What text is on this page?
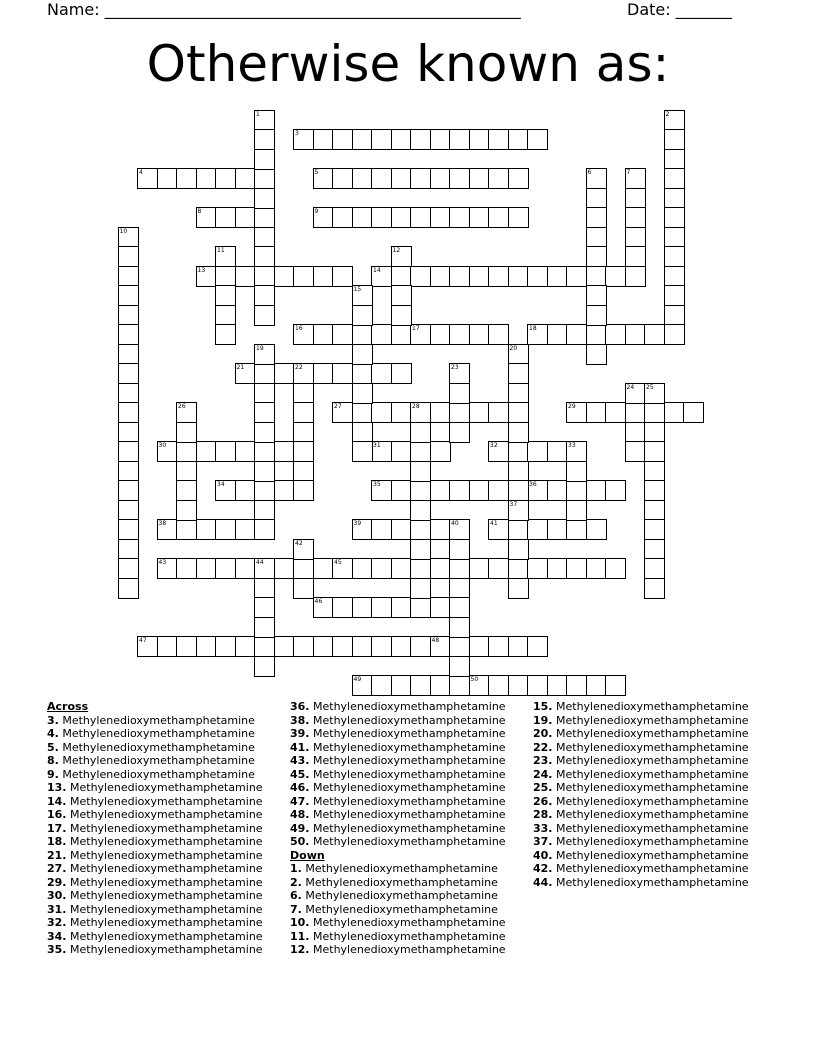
Name: ____________________________________________________	Date: _______
Otherwise known as:
3
4	5
8	9
13	14
16	17	18
21	22
27	28	29
30	31	32	33
34	35	36
38	39	41
43	44	45
46
47	48
49	50
1	2
6	7
10
11	12
15
19	20
37
23
24 25
26
40
42
Across
3. Methylenedioxymethamphetamine
4. Methylenedioxymethamphetamine
5. Methylenedioxymethamphetamine
8. Methylenedioxymethamphetamine
9. Methylenedioxymethamphetamine
13. Methylenedioxymethamphetamine
14. Methylenedioxymethamphetamine
16. Methylenedioxymethamphetamine
17. Methylenedioxymethamphetamine
18. Methylenedioxymethamphetamine
21. Methylenedioxymethamphetamine
27. Methylenedioxymethamphetamine
29. Methylenedioxymethamphetamine
30. Methylenedioxymethamphetamine
31. Methylenedioxymethamphetamine
32. Methylenedioxymethamphetamine
34. Methylenedioxymethamphetamine
35. Methylenedioxymethamphetamine
36. Methylenedioxymethamphetamine
38. Methylenedioxymethamphetamine
39. Methylenedioxymethamphetamine
41. Methylenedioxymethamphetamine
43. Methylenedioxymethamphetamine
45. Methylenedioxymethamphetamine
46. Methylenedioxymethamphetamine
47. Methylenedioxymethamphetamine
48. Methylenedioxymethamphetamine
49. Methylenedioxymethamphetamine
50. Methylenedioxymethamphetamine
Down
1. Methylenedioxymethamphetamine
2. Methylenedioxymethamphetamine
6. Methylenedioxymethamphetamine
7. Methylenedioxymethamphetamine
10. Methylenedioxymethamphetamine
11. Methylenedioxymethamphetamine
12. Methylenedioxymethamphetamine
15. Methylenedioxymethamphetamine
19. Methylenedioxymethamphetamine
20. Methylenedioxymethamphetamine
22. Methylenedioxymethamphetamine
23. Methylenedioxymethamphetamine
24. Methylenedioxymethamphetamine
25. Methylenedioxymethamphetamine
26. Methylenedioxymethamphetamine
28. Methylenedioxymethamphetamine
33. Methylenedioxymethamphetamine
37. Methylenedioxymethamphetamine
40. Methylenedioxymethamphetamine
42. Methylenedioxymethamphetamine
44. Methylenedioxymethamphetamine
